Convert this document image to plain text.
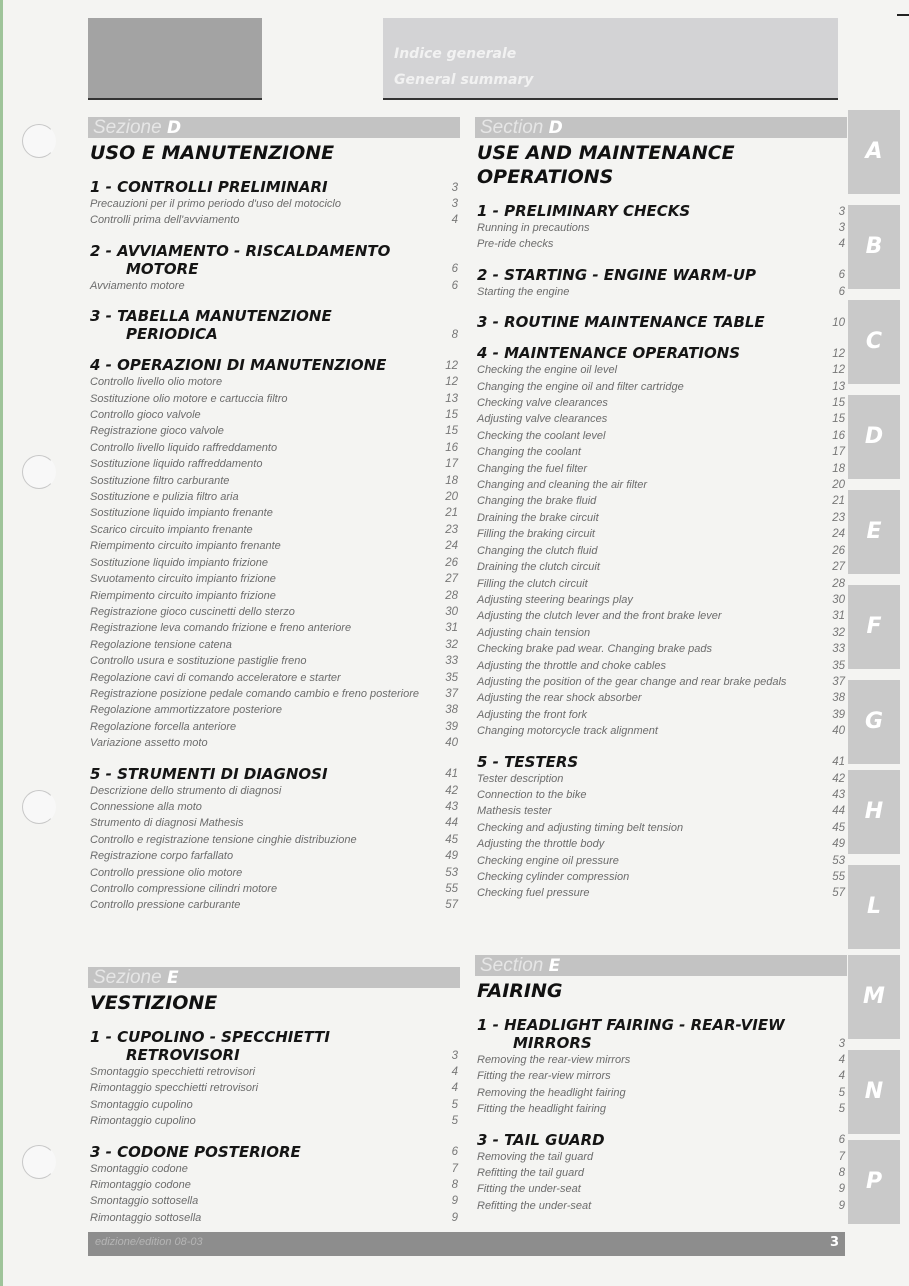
Indice generale
General summary
Sezione D
USO E MANUTENZIONE
1 - CONTROLLI PRELIMINARI	3
Precauzioni per il primo periodo d'uso del motociclo	3
Controlli prima dell'avviamento	4
2 - AVVIAMENTO - RISCALDAMENTO
MOTORE	6
Avviamento motore	6
3 - TABELLA MANUTENZIONE
PERIODICA	8
4 - OPERAZIONI DI MANUTENZIONE	12
Controllo livello olio motore	12
Sostituzione olio motore e cartuccia filtro	13
Controllo gioco valvole	15
Registrazione gioco valvole	15
Controllo livello liquido raffreddamento	16
Sostituzione liquido raffreddamento	17
Sostituzione filtro carburante	18
Sostituzione e pulizia filtro aria	20
Sostituzione liquido impianto frenante	21
Scarico circuito impianto frenante	23
Riempimento circuito impianto frenante	24
Sostituzione liquido impianto frizione	26
Svuotamento circuito impianto frizione	27
Riempimento circuito impianto frizione	28
Registrazione gioco cuscinetti dello sterzo	30
Registrazione leva comando frizione e freno anteriore	31
Regolazione tensione catena	32
Controllo usura e sostituzione pastiglie freno	33
Regolazione cavi di comando acceleratore e starter	35
Registrazione posizione pedale comando cambio e freno posteriore	37
Regolazione ammortizzatore posteriore	38
Regolazione forcella anteriore	39
Variazione assetto moto	40
5 - STRUMENTI DI DIAGNOSI	41
Descrizione dello strumento di diagnosi	42
Connessione alla moto	43
Strumento di diagnosi Mathesis	44
Controllo e registrazione tensione cinghie distribuzione	45
Registrazione corpo farfallato	49
Controllo pressione olio motore	53
Controllo compressione cilindri motore	55
Controllo pressione carburante	57
Section D
USE AND MAINTENANCE
OPERATIONS
1 - PRELIMINARY CHECKS	3
Running in precautions	3
Pre-ride checks	4
2 - STARTING - ENGINE WARM-UP	6
Starting the engine	6
3 - ROUTINE MAINTENANCE TABLE	10
4 - MAINTENANCE OPERATIONS	12
Checking the engine oil level	12
Changing the engine oil and filter cartridge	13
Checking valve clearances	15
Adjusting valve clearances	15
Checking the coolant level	16
Changing the coolant	17
Changing the fuel filter	18
Changing and cleaning the air filter	20
Changing the brake fluid	21
Draining the brake circuit	23
Filling the braking circuit	24
Changing the clutch fluid	26
Draining the clutch circuit	27
Filling the clutch circuit	28
Adjusting steering bearings play	30
Adjusting the clutch lever and the front brake lever	31
Adjusting chain tension	32
Checking brake pad wear. Changing brake pads	33
Adjusting the throttle and choke cables	35
Adjusting the position of the gear change and rear brake pedals	37
Adjusting the rear shock absorber	38
Adjusting the front fork	39
Changing motorcycle track alignment	40
5 - TESTERS	41
Tester description	42
Connection to the bike	43
Mathesis tester	44
Checking and adjusting timing belt tension	45
Adjusting the throttle body	49
Checking engine oil pressure	53
Checking cylinder compression	55
Checking fuel pressure	57
Sezione E
VESTIZIONE
1 - CUPOLINO - SPECCHIETTI
RETROVISORI	3
Smontaggio specchietti retrovisori	4
Rimontaggio specchietti retrovisori	4
Smontaggio cupolino	5
Rimontaggio cupolino	5
3 - CODONE POSTERIORE	6
Smontaggio codone	7
Rimontaggio codone	8
Smontaggio sottosella	9
Rimontaggio sottosella	9
Section E
FAIRING
1 - HEADLIGHT FAIRING - REAR-VIEW
MIRRORS	3
Removing the rear-view mirrors	4
Fitting the rear-view mirrors	4
Removing the headlight fairing	5
Fitting the headlight fairing	5
3 - TAIL GUARD	6
Removing the tail guard	7
Refitting the tail guard	8
Fitting the under-seat	9
Refitting the under-seat	9
A
B
C
D
E
F
G
H
L
M
N
P
edizione/edition 08-03	3
